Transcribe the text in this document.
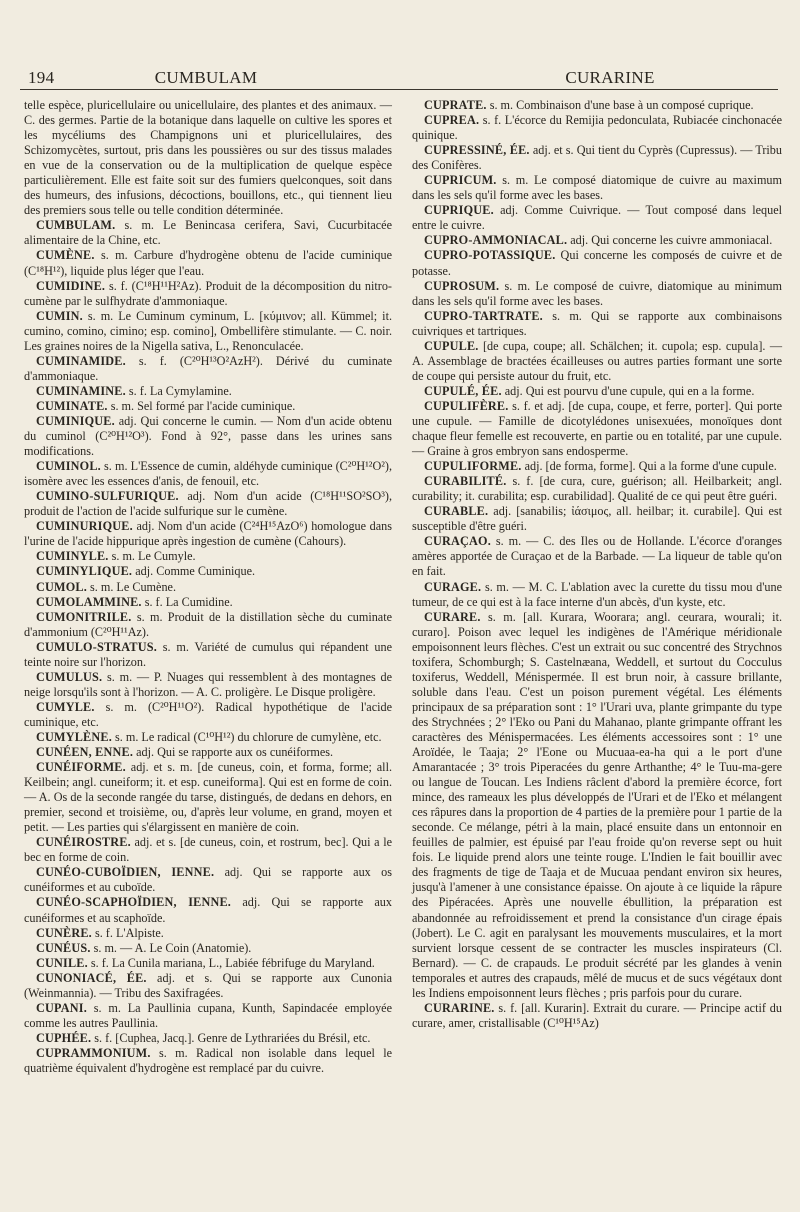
194	CUMBULAM	CURARINE

telle espèce, pluricellulaire ou unicellulaire, des plantes et des animaux. — C. des germes. Partie de la botanique dans laquelle on cultive les spores et les mycéliums des Champignons uni et pluricellulaires, des Schizomycètes, surtout, pris dans les poussières ou sur des tissus malades en vue de la conservation ou de la multiplication de quelque espèce particulièrement. Elle est faite soit sur des fumiers quelconques, soit dans des humeurs, des infusions, décoctions, bouillons, etc., qui tiennent lieu des premiers sous telle ou telle condition déterminée.

CUMBULAM. s. m. Le Benincasa cerifera, Savi, Cucurbitacée alimentaire de la Chine, etc.

CUMÈNE. s. m. Carbure d'hydrogène obtenu de l'acide cuminique (C¹⁸H¹²), liquide plus léger que l'eau.

CUMIDINE. s. f. (C¹⁸H¹¹H²Az). Produit de la décomposition du nitro-cumène par le sulfhydrate d'ammoniaque.

CUMIN. s. m. Le Cuminum cyminum, L. [κύμινον; all. Kümmel; it. cumino, comino, cimino; esp. comino], Ombellifère stimulante. — C. noir. Les graines noires de la Nigella sativa, L., Renonculacée.

CUMINAMIDE. s. f. (C²⁰H¹³O²AzH²). Dérivé du cuminate d'ammoniaque.

CUMINAMINE. s. f. La Cymylamine.

CUMINATE. s. m. Sel formé par l'acide cuminique.

CUMINIQUE. adj. Qui concerne le cumin. — Nom d'un acide obtenu du cuminol (C²⁰H¹²O³). Fond à 92°, passe dans les urines sans modifications.

CUMINOL. s. m. L'Essence de cumin, aldéhyde cuminique (C²⁰H¹²O²), isomère avec les essences d'anis, de fenouil, etc.

CUMINO-SULFURIQUE. adj. Nom d'un acide (C¹⁸H¹¹SO²SO³), produit de l'action de l'acide sulfurique sur le cumène.

CUMINURIQUE. adj. Nom d'un acide (C²⁴H¹⁵AzO⁶) homologue dans l'urine de l'acide hippurique après ingestion de cumène (Cahours).

CUMINYLE. s. m. Le Cumyle.

CUMINYLIQUE. adj. Comme Cuminique.

CUMOL. s. m. Le Cumène.

CUMOLAMMINE. s. f. La Cumidine.

CUMONITRILE. s. m. Produit de la distillation sèche du cuminate d'ammonium (C²⁰H¹¹Az).

CUMULO-STRATUS. s. m. Variété de cumulus qui répandent une teinte noire sur l'horizon.

CUMULUS. s. m. — P. Nuages qui ressemblent à des montagnes de neige lorsqu'ils sont à l'horizon. — A. C. proligère. Le Disque proligère.

CUMYLE. s. m. (C²⁰H¹¹O²). Radical hypothétique de l'acide cuminique, etc.

CUMYLÈNE. s. m. Le radical (C¹⁰H¹²) du chlorure de cumylène, etc.

CUNÉEN, ENNE. adj. Qui se rapporte aux os cunéiformes.

CUNÉIFORME. adj. et s. m. [de cuneus, coin, et forma, forme; all. Keilbein; angl. cuneiform; it. et esp. cuneiforma]. Qui est en forme de coin. — A. Os de la seconde rangée du tarse, distingués, de dedans en dehors, en premier, second et troisième, ou, d'après leur volume, en grand, moyen et petit. — Les parties qui s'élargissent en manière de coin.

CUNÉIROSTRE. adj. et s. [de cuneus, coin, et rostrum, bec]. Qui a le bec en forme de coin.

CUNÉO-CUBOÏDIEN, IENNE. adj. Qui se rapporte aux os cunéiformes et au cuboïde.

CUNÉO-SCAPHOÏDIEN, IENNE. adj. Qui se rapporte aux cunéiformes et au scaphoïde.

CUNÈRE. s. f. L'Alpiste.

CUNÉUS. s. m. — A. Le Coin (Anatomie).

CUNILE. s. f. La Cunila mariana, L., Labiée fébrifuge du Maryland.

CUNONIACÉ, ÉE. adj. et s. Qui se rapporte aux Cunonia (Weinmannia). — Tribu des Saxifragées.

CUPANI. s. m. La Paullinia cupana, Kunth, Sapindacée employée comme les autres Paullinia.

CUPHÉE. s. f. [Cuphea, Jacq.]. Genre de Lythrariées du Brésil, etc.

CUPRAMMONIUM. s. m. Radical non isolable dans lequel le quatrième équivalent d'hydrogène est remplacé par du cuivre.

CUPRATE. s. m. Combinaison d'une base à un composé cuprique.

CUPREA. s. f. L'écorce du Remijia pedonculata, Rubiacée cinchonacée quinique.

CUPRESSINÉ, ÉE. adj. et s. Qui tient du Cyprès (Cupressus). — Tribu des Conifères.

CUPRICUM. s. m. Le composé diatomique de cuivre au maximum dans les sels qu'il forme avec les bases.

CUPRIQUE. adj. Comme Cuivrique. — Tout composé dans lequel entre le cuivre.

CUPRO-AMMONIACAL. adj. Qui concerne les cuivre ammoniacal.

CUPRO-POTASSIQUE. Qui concerne les composés de cuivre et de potasse.

CUPROSUM. s. m. Le composé de cuivre, diatomique au minimum dans les sels qu'il forme avec les bases.

CUPRO-TARTRATE. s. m. Qui se rapporte aux combinaisons cuivriques et tartriques.

CUPULE. [de cupa, coupe; all. Schälchen; it. cupola; esp. cupula]. — A. Assemblage de bractées écailleuses ou autres parties formant une sorte de coupe qui persiste autour du fruit, etc.

CUPULÉ, ÉE. adj. Qui est pourvu d'une cupule, qui en a la forme.

CUPULIFÈRE. s. f. et adj. [de cupa, coupe, et ferre, porter]. Qui porte une cupule. — Famille de dicotylédones unisexuées, monoïques dont chaque fleur femelle est recouverte, en partie ou en totalité, par une cupule. — Graine à gros embryon sans endosperme.

CUPULIFORME. adj. [de forma, forme]. Qui a la forme d'une cupule.

CURABILITÉ. s. f. [de cura, cure, guérison; all. Heilbarkeit; angl. curability; it. curabilita; esp. curabilidad]. Qualité de ce qui peut être guéri.

CURABLE. adj. [sanabilis; ἰάσιμος, all. heilbar; it. curabile]. Qui est susceptible d'être guéri.

CURAÇAO. s. m. — C. des Iles ou de Hollande. L'écorce d'oranges amères apportée de Curaçao et de la Barbade. — La liqueur de table qu'on en fait.

CURAGE. s. m. — M. C. L'ablation avec la curette du tissu mou d'une tumeur, de ce qui est à la face interne d'un abcès, d'un kyste, etc.

CURARE. s. m. [all. Kurara, Woorara; angl. ceurara, wourali; it. curaro]. Poison avec lequel les indigènes de l'Amérique méridionale empoisonnent leurs flèches. C'est un extrait ou suc concentré des Strychnos toxifera, Schomburgh; S. Castelnæana, Weddell, et surtout du Cocculus toxiferus, Weddell, Ménispermée. Il est brun noir, à cassure brillante, soluble dans l'eau. C'est un poison purement végétal. Les éléments principaux de sa préparation sont : 1° l'Urari uva, plante grimpante du type des Strychnées ; 2° l'Eko ou Pani du Mahanao, plante grimpante offrant les caractères des Ménispermacées. Les éléments accessoires sont : 1° une Aroïdée, le Taaja; 2° l'Eone ou Mucuaa-ea-ha qui a le port d'une Amarantacée ; 3° trois Piperacées du genre Arthanthe; 4° le Tuu-ma-gere ou langue de Toucan. Les Indiens râclent d'abord la première écorce, fort mince, des rameaux les plus développés de l'Urari et de l'Eko et mélangent ces râpures dans la proportion de 4 parties de la première pour 1 partie de la seconde. Ce mélange, pétri à la main, placé ensuite dans un entonnoir en feuilles de palmier, est épuisé par l'eau froide qu'on reverse sept ou huit fois. Le liquide prend alors une teinte rouge. L'Indien le fait bouillir avec des fragments de tige de Taaja et de Mucuaa pendant environ six heures, jusqu'à l'amener à une consistance épaisse. On ajoute à ce liquide la râpure des Pipéracées. Après une nouvelle ébullition, la préparation est abandonnée au refroidissement et prend la consistance d'un cirage épais (Jobert). Le C. agit en paralysant les mouvements musculaires, et la mort survient lorsque cessent de se contracter les muscles inspirateurs (Cl. Bernard). — C. de crapauds. Le produit sécrété par les glandes à venin temporales et autres des crapauds, mêlé de mucus et de sucs végétaux dont les Indiens empoisonnent leurs flèches ; pris parfois pour du curare.

CURARINE. s. f. [all. Kurarin]. Extrait du curare. — Principe actif du curare, amer, cristallisable (C¹⁰H¹⁵Az)
